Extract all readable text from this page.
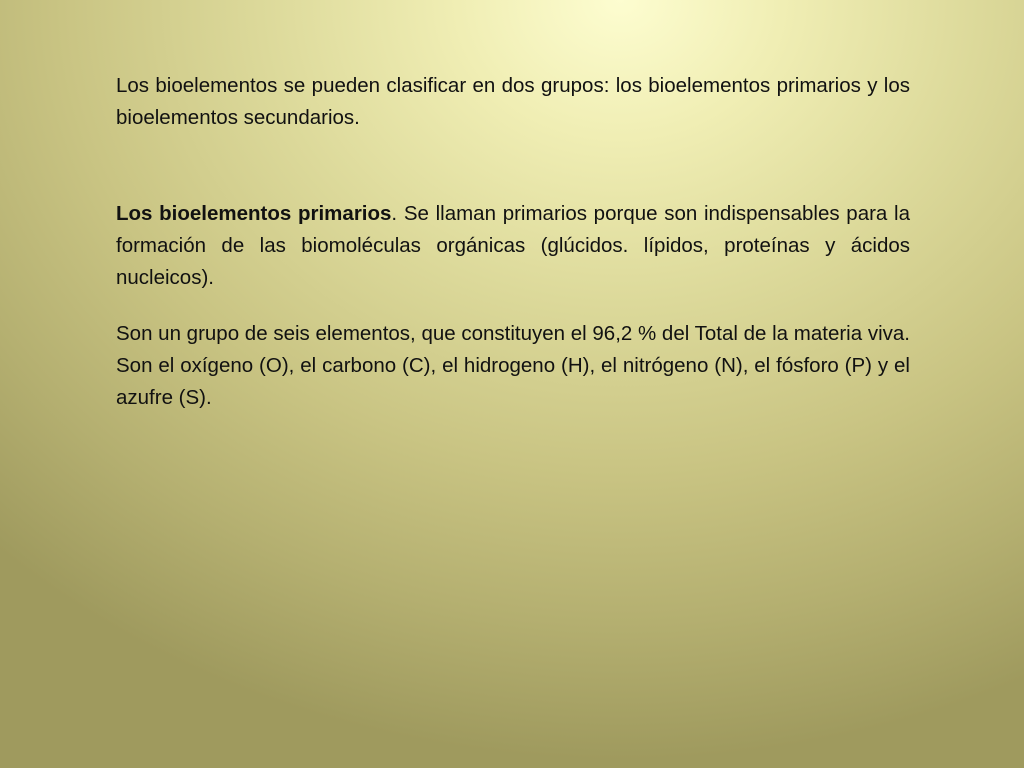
Los bioelementos se pueden clasificar en dos grupos: los bioelementos primarios y los bioelementos secundarios.

Los bioelementos primarios. Se llaman primarios porque son indispensables para la formación de las biomoléculas orgánicas (glúcidos. lípidos, proteínas y ácidos nucleicos).

Son un grupo de seis elementos, que constituyen el 96,2 % del Total de la materia viva. Son el oxígeno (O), el carbono (C), el hidrogeno (H), el nitrógeno (N), el fósforo (P) y el azufre (S).
